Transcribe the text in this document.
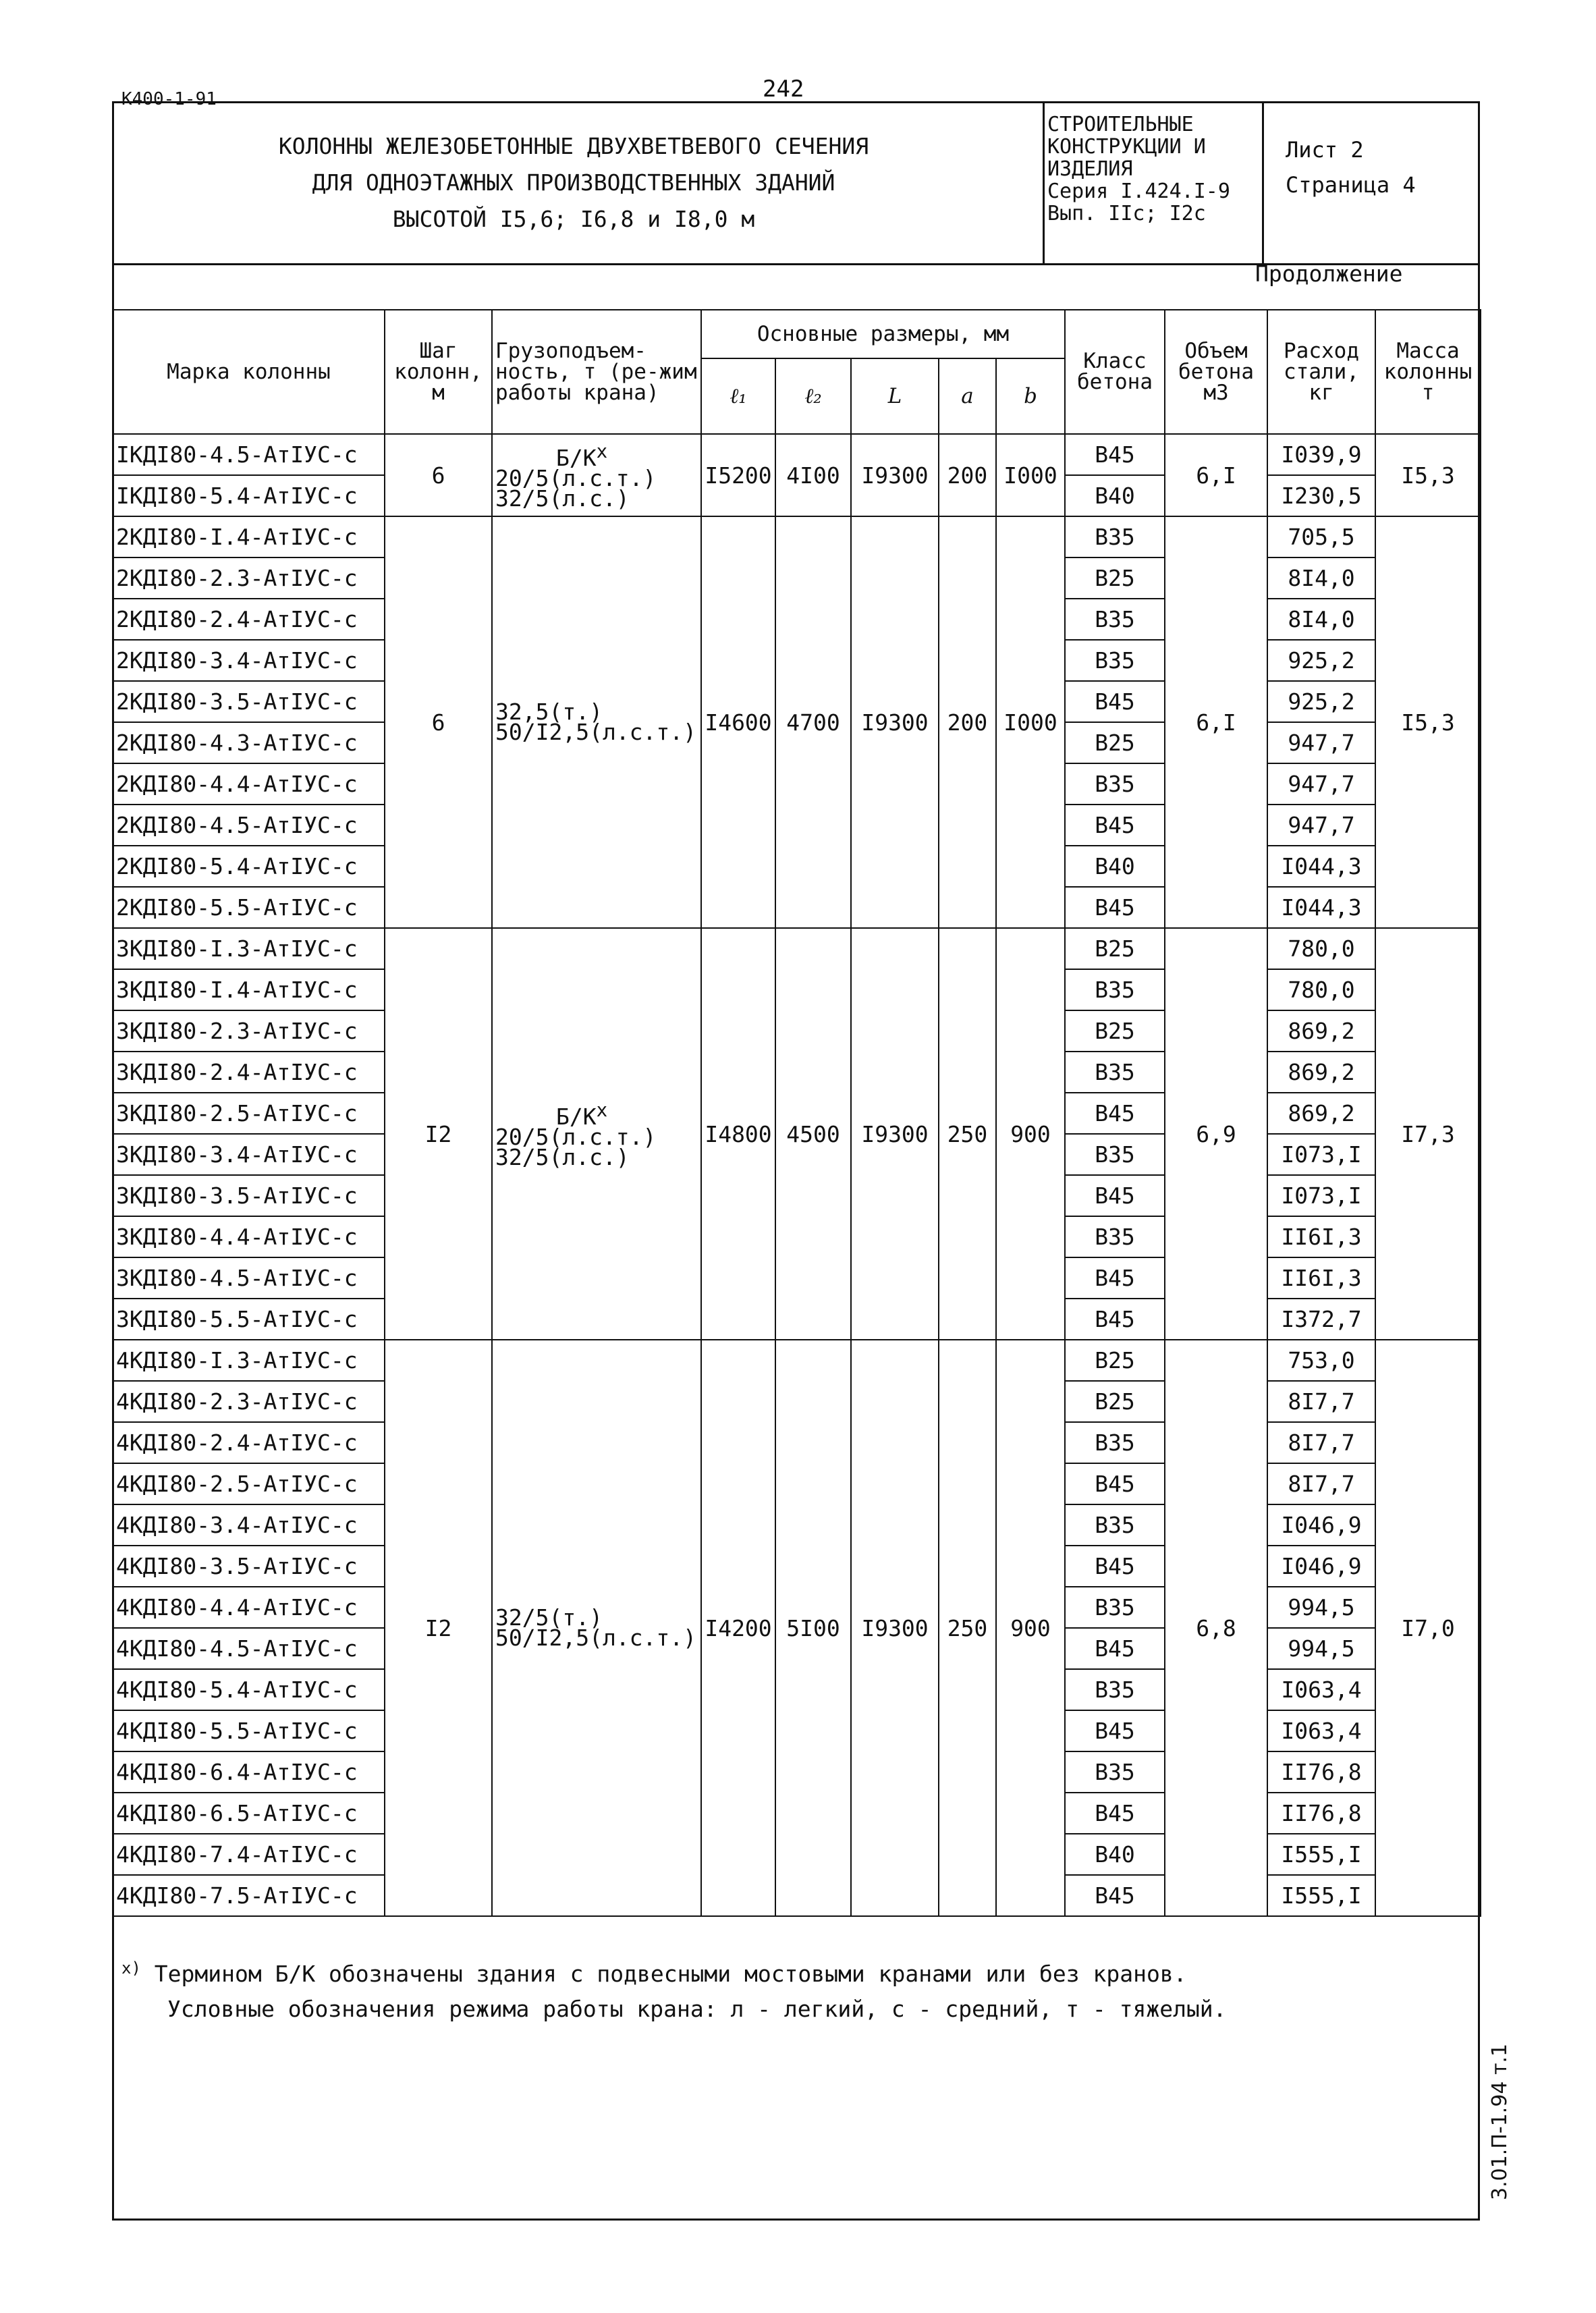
К400-1-91	242
КОЛОННЫ ЖЕЛЕЗОБЕТОННЫЕ ДВУХВЕТВЕВОГО СЕЧЕНИЯ
ДЛЯ ОДНОЭТАЖНЫХ ПРОИЗВОДСТВЕННЫХ ЗДАНИЙ
ВЫСОТОЙ I5,6; I6,8 и I8,0 м
СТРОИТЕЛЬНЫЕ
КОНСТРУКЦИИ И
ИЗДЕЛИЯ
Серия I.424.I-9
Вып. IIc; I2c
Лист 2
Страница 4
Продолжение
Марка колонны	Шаг колонн, м	Грузоподъем-ность, т (ре-жим работы крана)	Основные размеры, мм					Класс бетона	Объем бетона м3	Расход стали, кг	Масса колонны т
			ℓ₁	ℓ₂	L	a	b				
IКДI80-4.5-АтIУС-с	6	$Б/К^x$
20/5(л.с.т.)
32/5(л.с.)	I5200	4I00	I9300	200	I000	В45	6,I	I039,9	I5,3
IКДI80-5.4-АтIУС-с								В40		I230,5	
2КДI80-I.4-АтIУС-с	6	32,5(т.)
50/I2,5(л.с.т.)	I4600	4700	I9300	200	I000	В35	6,I	705,5	I5,3
2КДI80-2.3-АтIУС-с								В25		8I4,0	
2КДI80-2.4-АтIУС-с								В35		8I4,0	
2КДI80-3.4-АтIУС-с								В35		925,2	
2КДI80-3.5-АтIУС-с								В45		925,2	
2КДI80-4.3-АтIУС-с								В25		947,7	
2КДI80-4.4-АтIУС-с								В35		947,7	
2КДI80-4.5-АтIУС-с								В45		947,7	
2КДI80-5.4-АтIУС-с								В40		I044,3	
2КДI80-5.5-АтIУС-с								В45		I044,3	
3КДI80-I.3-АтIУС-с	I2	$Б/К^x$
20/5(л.с.т.)
32/5(л.с.)	I4800	4500	I9300	250	900	В25	6,9	780,0	I7,3
3КДI80-I.4-АтIУС-с								В35		780,0	
3КДI80-2.3-АтIУС-с								В25		869,2	
3КДI80-2.4-АтIУС-с								В35		869,2	
3КДI80-2.5-АтIУС-с								В45		869,2	
3КДI80-3.4-АтIУС-с								В35		I073,I	
3КДI80-3.5-АтIУС-с								В45		I073,I	
3КДI80-4.4-АтIУС-с								В35		II6I,3	
3КДI80-4.5-АтIУС-с								В45		II6I,3	
3КДI80-5.5-АтIУС-с								В45		I372,7	
4КДI80-I.3-АтIУС-с	I2	32/5(т.)
50/I2,5(л.с.т.)	I4200	5I00	I9300	250	900	В25	6,8	753,0	I7,0
4КДI80-2.3-АтIУС-с								В25		8I7,7	
4КДI80-2.4-АтIУС-с								В35		8I7,7	
4КДI80-2.5-АтIУС-с								В45		8I7,7	
4КДI80-3.4-АтIУС-с								В35		I046,9	
4КДI80-3.5-АтIУС-с								В45		I046,9	
4КДI80-4.4-АтIУС-с								В35		994,5	
4КДI80-4.5-АтIУС-с								В45		994,5	
4КДI80-5.4-АтIУС-с								В35		I063,4	
4КДI80-5.5-АтIУС-с								В45		I063,4	
4КДI80-6.4-АтIУС-с								В35		II76,8	
4КДI80-6.5-АтIУС-с								В45		II76,8	
4КДI80-7.4-АтIУС-с								В40		I555,I	
4КДI80-7.5-АтIУС-с								В45		I555,I	
$^{x)}$ Термином Б/К обозначены здания с подвесными мостовыми кранами или без кранов.
Условные обозначения режима работы крана: л - легкий, с - средний, т - тяжелый.
3.01.П-1.94 т.1
